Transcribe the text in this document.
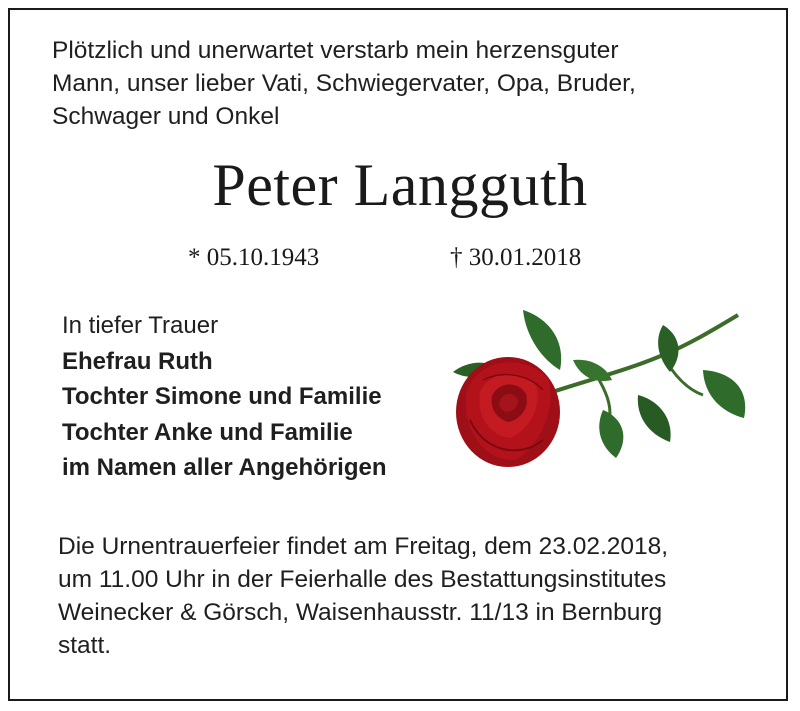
Plötzlich und unerwartet verstarb mein herzensguter
Mann, unser lieber Vati, Schwiegervater, Opa, Bruder,
Schwager und Onkel
Peter Langguth
* 05.10.1943	† 30.01.2018
In tiefer Trauer
Ehefrau Ruth
Tochter Simone und Familie
Tochter Anke und Familie
im Namen aller Angehörigen
Die Urnentrauerfeier findet am Freitag, dem 23.02.2018,
um 11.00 Uhr in der Feierhalle des Bestattungsinstitutes
Weinecker & Görsch, Waisenhausstr. 11/13 in Bernburg
statt.
